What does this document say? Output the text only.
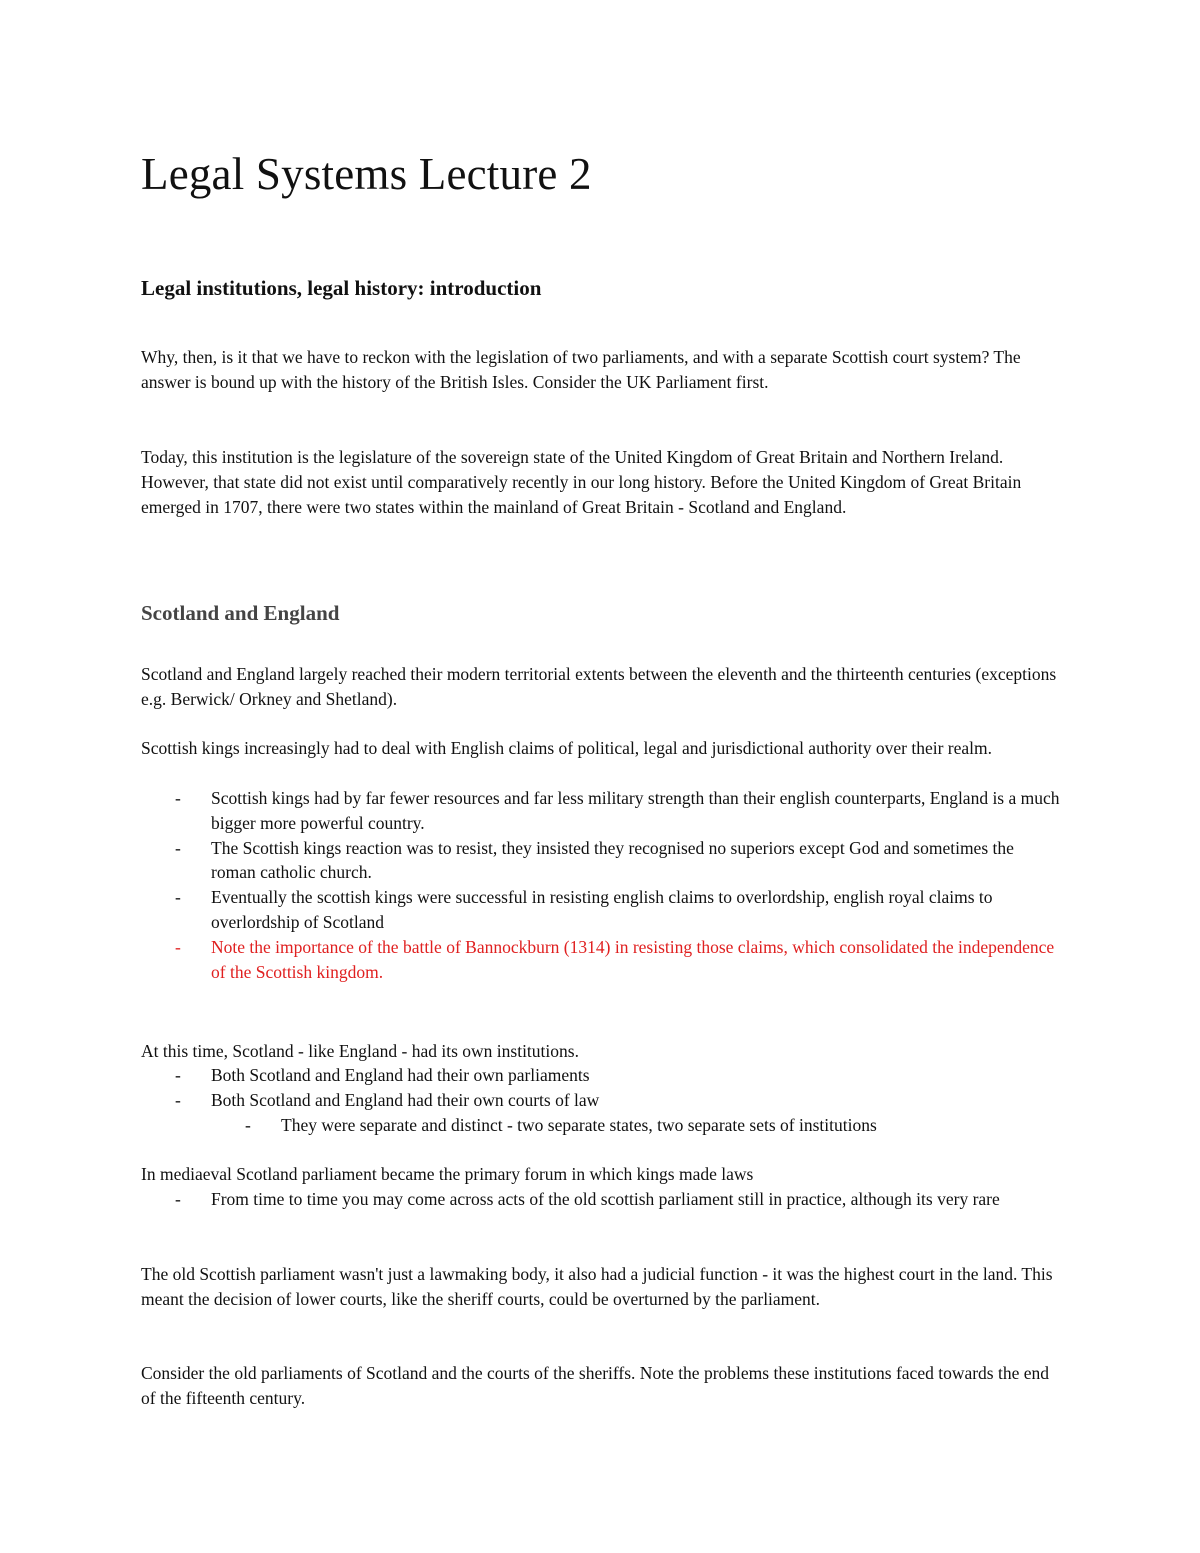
Legal Systems Lecture 2
Legal institutions, legal history: introduction

Why, then, is it that we have to reckon with the legislation of two parliaments, and with a separate Scottish court system? The answer is bound up with the history of the British Isles. Consider the UK Parliament first.

Today, this institution is the legislature of the sovereign state of the United Kingdom of Great Britain and Northern Ireland. However, that state did not exist until comparatively recently in our long history. Before the United Kingdom of Great Britain emerged in 1707, there were two states within the mainland of Great Britain - Scotland and England.

Scotland and England

Scotland and England largely reached their modern territorial extents between the eleventh and the thirteenth centuries (exceptions e.g. Berwick/ Orkney and Shetland).

Scottish kings increasingly had to deal with English claims of political, legal and jurisdictional authority over their realm.

- Scottish kings had by far fewer resources and far less military strength than their english counterparts, England is a much bigger more powerful country.
- The Scottish kings reaction was to resist, they insisted they recognised no superiors except God and sometimes the roman catholic church.
- Eventually the scottish kings were successful in resisting english claims to overlordship, english royal claims to overlordship of Scotland
- Note the importance of the battle of Bannockburn (1314) in resisting those claims, which consolidated the independence of the Scottish kingdom.

At this time, Scotland - like England - had its own institutions.

- Both Scotland and England had their own parliaments
- Both Scotland and England had their own courts of law
- They were separate and distinct - two separate states, two separate sets of institutions

In mediaeval Scotland parliament became the primary forum in which kings made laws

- From time to time you may come across acts of the old scottish parliament still in practice, although its very rare

The old Scottish parliament wasn't just a lawmaking body, it also had a judicial function - it was the highest court in the land. This meant the decision of lower courts, like the sheriff courts, could be overturned by the parliament.

Consider the old parliaments of Scotland and the courts of the sheriffs. Note the problems these institutions faced towards the end of the fifteenth century.
